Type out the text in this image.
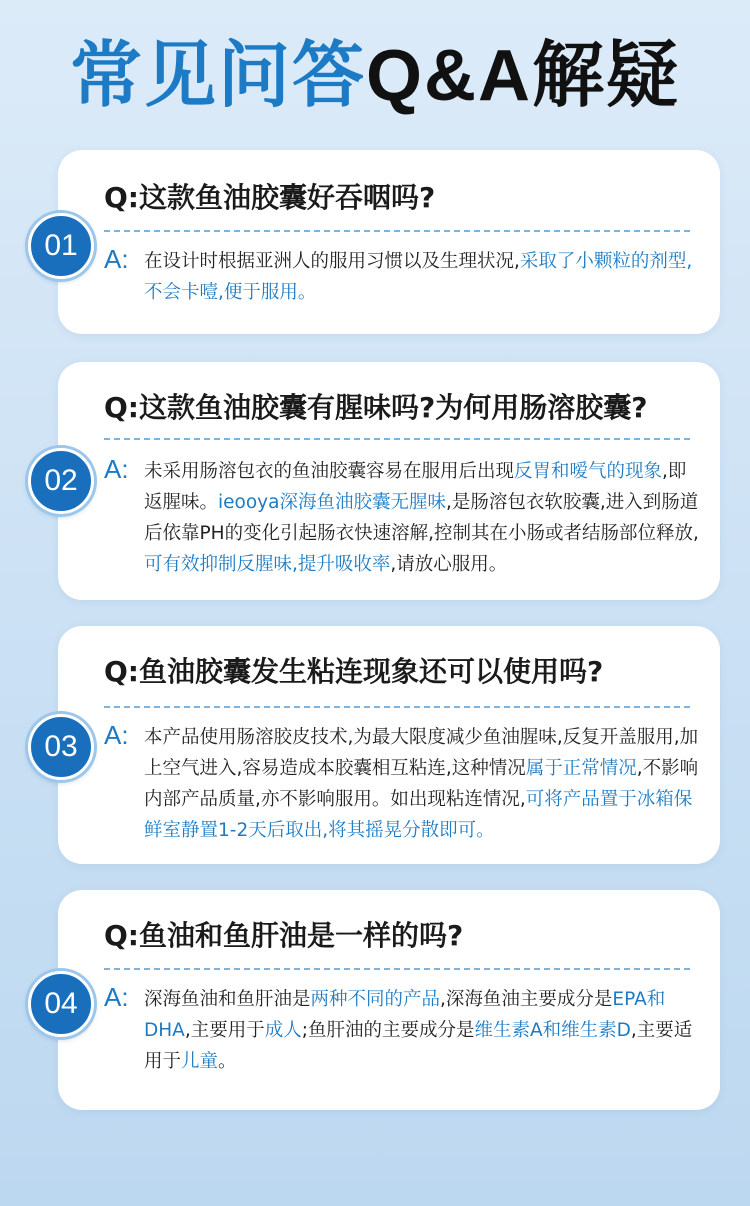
常见问答Q&A解疑
Q:这款鱼油胶囊好吞咽吗?
A: 在设计时根据亚洲人的服用习惯以及生理状况,采取了小颗粒的剂型,不会卡噎,便于服用。
01
Q:这款鱼油胶囊有腥味吗?为何用肠溶胶囊?
A: 未采用肠溶包衣的鱼油胶囊容易在服用后出现反胃和嗳气的现象,即返腥味。ieooya深海鱼油胶囊无腥味,是肠溶包衣软胶囊,进入到肠道后依靠PH的变化引起肠衣快速溶解,控制其在小肠或者结肠部位释放,可有效抑制反腥味,提升吸收率,请放心服用。
02
Q:鱼油胶囊发生粘连现象还可以使用吗?
A: 本产品使用肠溶胶皮技术,为最大限度减少鱼油腥味,反复开盖服用,加上空气进入,容易造成本胶囊相互粘连,这种情况属于正常情况,不影响内部产品质量,亦不影响服用。如出现粘连情况,可将产品置于冰箱保鲜室静置1-2天后取出,将其摇晃分散即可。
03
Q:鱼油和鱼肝油是一样的吗?
A: 深海鱼油和鱼肝油是两种不同的产品,深海鱼油主要成分是EPA和DHA,主要用于成人;鱼肝油的主要成分是维生素A和维生素D,主要适用于儿童。
04
